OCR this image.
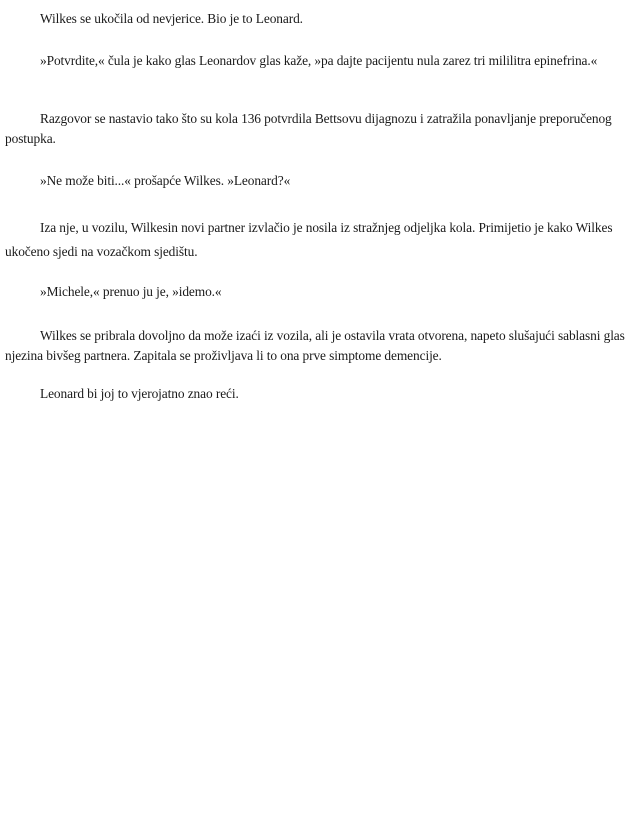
Wilkes se ukočila od nevjerice. Bio je to Leonard.

»Potvrdite,« čula je kako glas Leonardov glas kaže, »pa dajte pacijentu nula zarez tri mililitra epinefrina.«

Razgovor se nastavio tako što su kola 136 potvrdila Bettsovu dijagnozu i zatražila ponavljanje preporučenog postupka.

»Ne može biti...« prošapće Wilkes. »Leonard?«

Iza nje, u vozilu, Wilkesin novi partner izvlačio je nosila iz stražnjeg odjeljka kola. Primijetio je kako Wilkes ukočeno sjedi na vozačkom sjedištu.

»Michele,« prenuo ju je, »idemo.«

Wilkes se pribrala dovoljno da može izaći iz vozila, ali je ostavila vrata otvorena, napeto slušajući sablasni glas njezina bivšeg partnera. Zapitala se proživljava li to ona prve simptome demencije.

Leonard bi joj to vjerojatno znao reći.
